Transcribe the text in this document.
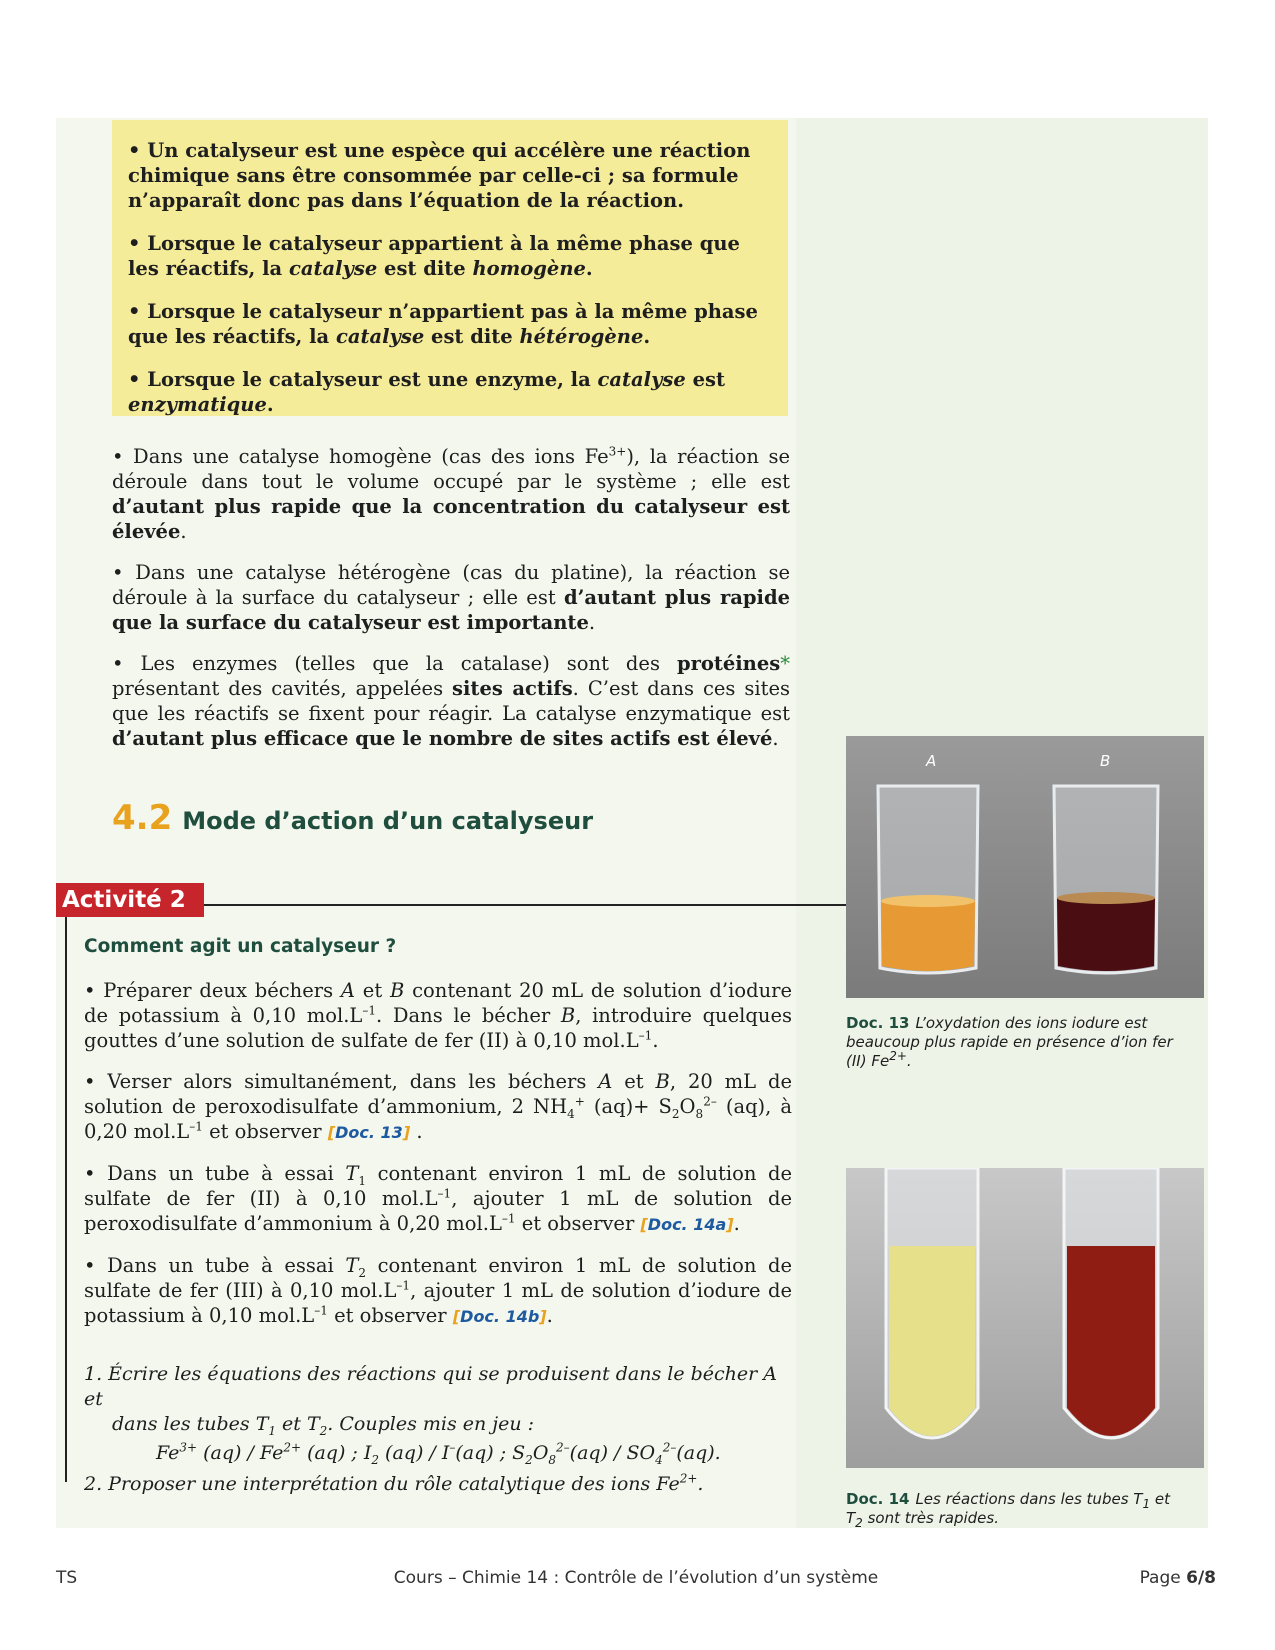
• Un catalyseur est une espèce qui accélère une réaction chimique sans être consommée par celle-ci ; sa formule n’apparaît donc pas dans l’équation de la réaction.

• Lorsque le catalyseur appartient à la même phase que les réactifs, la catalyse est dite homogène.

• Lorsque le catalyseur n’appartient pas à la même phase que les réactifs, la catalyse est dite hétérogène.

• Lorsque le catalyseur est une enzyme, la catalyse est enzymatique.

• Dans une catalyse homogène (cas des ions $Fe^{3+}$), la réaction se déroule dans tout le volume occupé par le système ; elle est d’autant plus rapide que la concentration du catalyseur est élevée.

• Dans une catalyse hétérogène (cas du platine), la réaction se déroule à la surface du catalyseur ; elle est d’autant plus rapide que la surface du catalyseur est importante.

• Les enzymes (telles que la catalase) sont des protéines* présentant des cavités, appelées sites actifs. C’est dans ces sites que les réactifs se fixent pour réagir. La catalyse enzymatique est d’autant plus efficace que le nombre de sites actifs est élevé.

4.2 Mode d’action d’un catalyseur
Activité 2
Comment agit un catalyseur ?

• Préparer deux béchers A et B contenant 20 mL de solution d’iodure de potassium à 0,10 $mol.L^{-1}$. Dans le bécher B, introduire quelques gouttes d’une solution de sulfate de fer (II) à 0,10 $mol.L^{-1}$.

• Verser alors simultanément, dans les béchers A et B, 20 mL de solution de peroxodisulfate d’ammonium, 2 $NH_4^+$ $(aq)+ S_2O_8^{2-}$ (aq), à 0,20 $mol.L^{-1}$ et observer [Doc. 13] .

• Dans un tube à essai $T_1$ contenant environ 1 mL de solution de sulfate de fer (II) à 0,10 $mol.L^{-1}$, ajouter 1 mL de solution de peroxodisulfate d’ammonium à 0,20 $mol.L^{-1}$ et observer [Doc. 14a].

• Dans un tube à essai $T_2$ contenant environ 1 mL de solution de sulfate de fer (III) à 0,10 $mol.L^{-1}$, ajouter 1 mL de solution d’iodure de potassium à 0,10 $mol.L^{-1}$ et observer [Doc. 14b].

1. Écrire les équations des réactions qui se produisent dans le bécher A et

dans les tubes $T_1$ et $T_2$. Couples mis en jeu :

$Fe^{3+}$ $(aq) / Fe^{2+}$ (aq) ; $I_2$ (aq) / I–(aq) ; $S_2O_8^{2-}(aq) / SO_4^{2-}(aq)$.

2. Proposer une interprétation du rôle catalytique des ions $Fe^{2+}$.

A	B
Doc. 13 L’oxydation des ions iodure est beaucoup plus rapide en présence d’ion fer (II) $Fe^{2+}$.
Doc. 14 Les réactions dans les tubes $T_1$ et $T_2$ sont très rapides.
TS	Cours – Chimie 14 : Contrôle de l’évolution d’un système	Page 6/8
